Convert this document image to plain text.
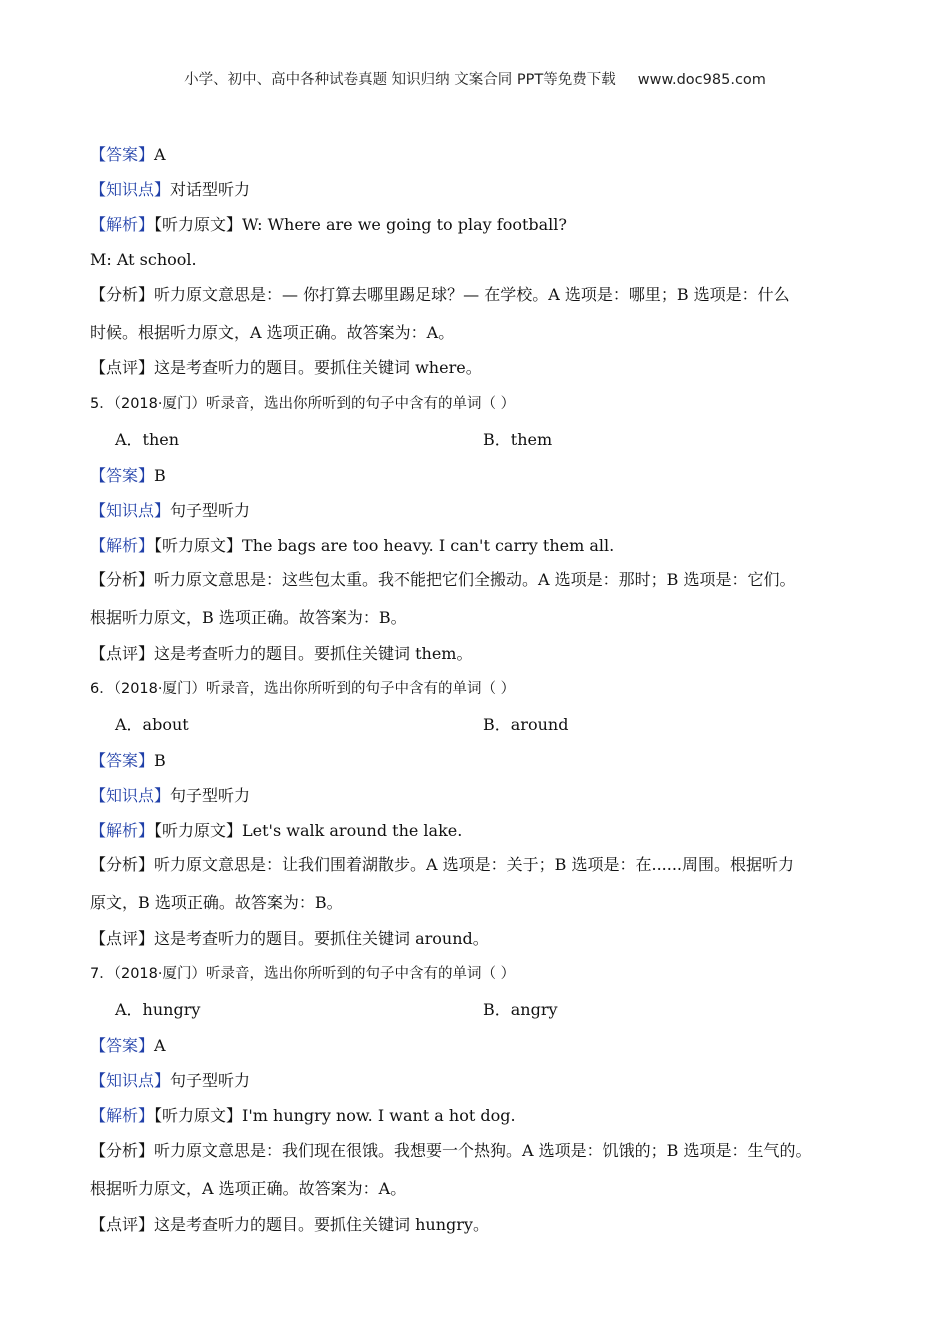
小学、初中、高中各种试卷真题 知识归纳 文案合同 PPT等免费下载 www.doc985.com
【答案】A
【知识点】对话型听力
【解析】【听力原文】W: Where are we going to play football?
M: At school.
【分析】听力原文意思是：— 你打算去哪里踢足球？— 在学校。A 选项是：哪里；B 选项是：什么
时候。根据听力原文，A 选项正确。故答案为：A。
【点评】这是考查听力的题目。要抓住关键词 where。
5．（2018·厦门）听录音，选出你所听到的句子中含有的单词（ ）
A．then	B．them
【答案】B
【知识点】句子型听力
【解析】【听力原文】The bags are too heavy. I can't carry them all.
【分析】听力原文意思是：这些包太重。我不能把它们全搬动。A 选项是：那时；B 选项是：它们。
根据听力原文，B 选项正确。故答案为：B。
【点评】这是考查听力的题目。要抓住关键词 them。
6．（2018·厦门）听录音，选出你所听到的句子中含有的单词（ ）
A．about	B．around
【答案】B
【知识点】句子型听力
【解析】【听力原文】Let's walk around the lake.
【分析】听力原文意思是：让我们围着湖散步。A 选项是：关于；B 选项是：在......周围。根据听力
原文，B 选项正确。故答案为：B。
【点评】这是考查听力的题目。要抓住关键词 around。
7．（2018·厦门）听录音，选出你所听到的句子中含有的单词（ ）
A．hungry	B．angry
【答案】A
【知识点】句子型听力
【解析】【听力原文】I'm hungry now. I want a hot dog.
【分析】听力原文意思是：我们现在很饿。我想要一个热狗。A 选项是：饥饿的；B 选项是：生气的。
根据听力原文，A 选项正确。故答案为：A。
【点评】这是考查听力的题目。要抓住关键词 hungry。
